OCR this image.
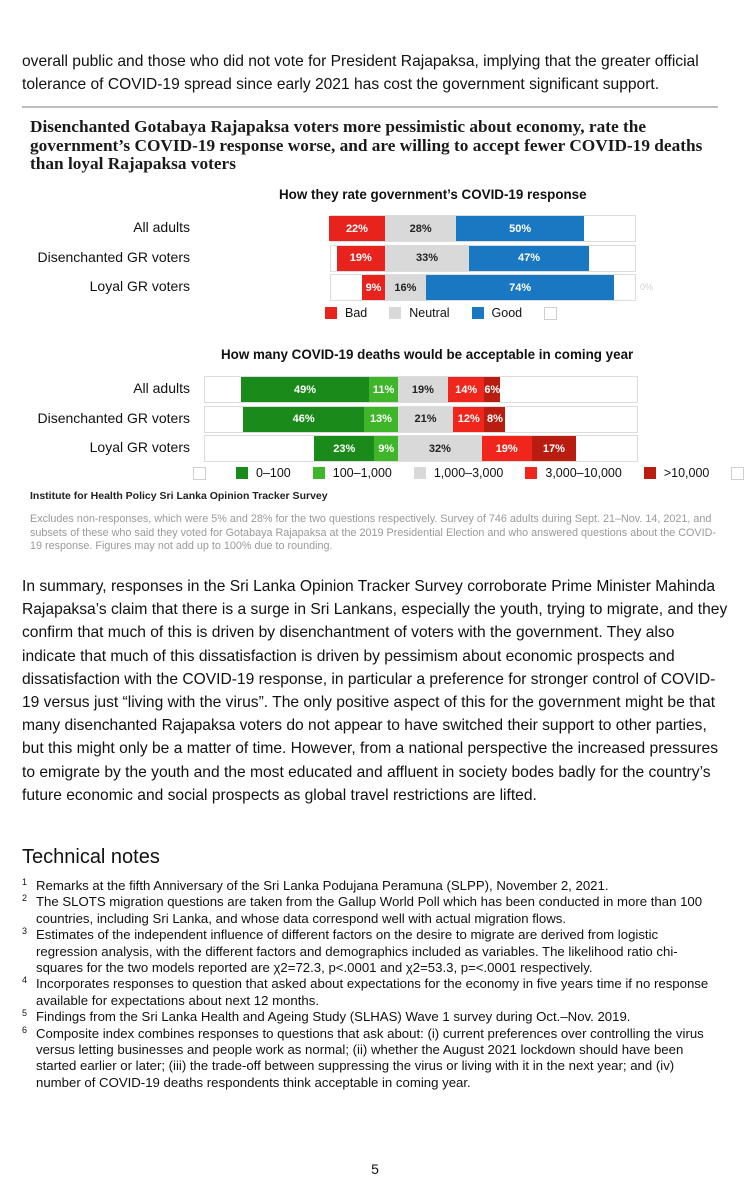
overall public and those who did not vote for President Rajapaksa, implying that the greater official tolerance of COVID-19 spread since early 2021 has cost the government significant support.

Disenchanted Gotabaya Rajapaksa voters more pessimistic about economy, rate the government’s COVID-19 response worse, and are willing to accept fewer COVID-19 deaths than loyal Rajapaksa voters
How they rate government’s COVID-19 response
All adults	22%	28%	50%
Disenchanted GR voters	19%	33%	47%
Loyal GR voters	9%	16%	74%	0%
Bad	Neutral	Good
How many COVID-19 deaths would be acceptable in coming year
All adults	49%	11%	19%	14% 6%
Disenchanted GR voters	46%	13%	21%	12% 8%
Loyal GR voters	23%	9%	32%	19%	17%
0–100	100–1,000	1,000–3,000	3,000–10,000	>10,000
Institute for Health Policy Sri Lanka Opinion Tracker Survey

Excludes non-responses, which were 5% and 28% for the two questions respectively. Survey of 746 adults during Sept. 21–Nov. 14, 2021, and subsets of these who said they voted for Gotabaya Rajapaksa at the 2019 Presidential Election and who answered questions about the COVID-19 response. Figures may not add up to 100% due to rounding.

In summary, responses in the Sri Lanka Opinion Tracker Survey corroborate Prime Minister Mahinda Rajapaksa’s claim that there is a surge in Sri Lankans, especially the youth, trying to migrate, and they confirm that much of this is driven by disenchantment of voters with the government. They also indicate that much of this dissatisfaction is driven by pessimism about economic prospects and dissatisfaction with the COVID-19 response, in particular a preference for stronger control of COVID-19 versus just “living with the virus”. The only positive aspect of this for the government might be that many disenchanted Rajapaksa voters do not appear to have switched their support to other parties, but this might only be a matter of time. However, from a national perspective the increased pressures to emigrate by the youth and the most educated and affluent in society bodes badly for the country’s future economic and social prospects as global travel restrictions are lifted.

Technical notes
1 Remarks at the fifth Anniversary of the Sri Lanka Podujana Peramuna (SLPP), November 2, 2021.
2 The SLOTS migration questions are taken from the Gallup World Poll which has been conducted in more than 100 countries, including Sri Lanka, and whose data correspond well with actual migration flows.
3 Estimates of the independent influence of different factors on the desire to migrate are derived from logistic regression analysis, with the different factors and demographics included as variables. The likelihood ratio chi-squares for the two models reported are χ2=72.3, p<.0001 and χ2=53.3, p=<.0001 respectively.
4 Incorporates responses to question that asked about expectations for the economy in five years time if no response available for expectations about next 12 months.
5 Findings from the Sri Lanka Health and Ageing Study (SLHAS) Wave 1 survey during Oct.–Nov. 2019.
6 Composite index combines responses to questions that ask about: (i) current preferences over controlling the virus versus letting businesses and people work as normal; (ii) whether the August 2021 lockdown should have been started earlier or later; (iii) the trade-off between suppressing the virus or living with it in the next year; and (iv) number of COVID-19 deaths respondents think acceptable in coming year.
5
